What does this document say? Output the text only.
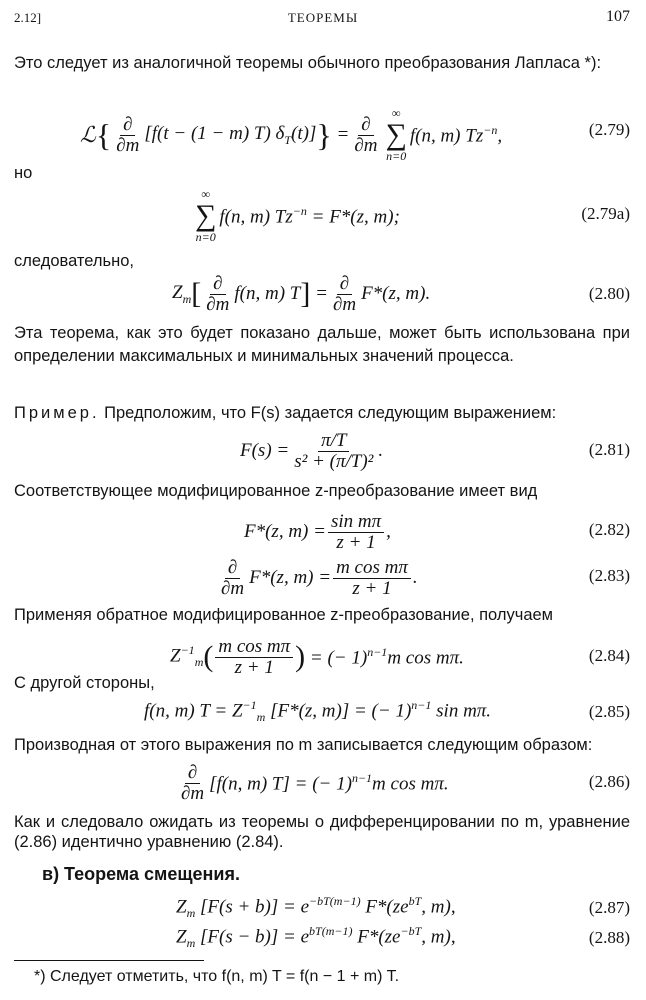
2.12]	ТЕОРЕМЫ	107
Это следует из аналогичной теоремы обычного преобразования Лапласа *):
ℒ { $\frac{\partial}{\partial m} [f(t - (1 - m)$ T) $\delta_T(t)$] } = $\frac{\partial}{\partial m}$
∞
∑
n=0
f(n, m) $Tz^{-n}$,	(2.79)
но
∞
∑
n=0
f(n, m) $Tz^{-n} = F*(z$, m);	(2.79a)
следовательно,
$Z_m$ [ $\frac{\partial}{\partial m} f(n$, m) T ] = $\frac{\partial}{\partial m} F*(z$, m).	(2.80)
Эта теорема, как это будет показано дальше, может быть использована при определении максимальных и минимальных значений процесса.
Пример. Предположим, что F(s) задается следующим выражением:
$F(s) = \frac{\pi/T}{\text{s² + (π/T)²}}$ .	(2.81)
Соответствующее модифицированное z-преобразование имеет вид
F*(z, $m) = \frac{\text{sin mπ}}{z + 1}$ ,	(2.82)
$\frac{\partial}{\partial m} F*(z$, $m) = \frac{\text{m cos mπ}}{z + 1}$ .	(2.83)
Применяя обратное модифицированное z-преобразование, получаем
$Z^{-1}_m$ ( $\frac{\text{m cos mπ}}{z + 1}$ ) = (− 1)$^{n-1}$m cos mπ.	(2.84)
С другой стороны,
f(n, m) $T = Z^{-1}_m$ [F*(z, m)] = (− 1)$^{n-1}$ sin mπ.	(2.85)
Производная от этого выражения по m записывается следующим образом:
$\frac{\partial}{\partial m} [f(n$, m) T] = (− 1)$^{n-1}$m cos mπ.	(2.86)
Как и следовало ожидать из теоремы о дифференцировании по m, уравнение (2.86) идентично уравнению (2.84).
в) Теорема смещения.
$Z_m$ $[F(s + b)] = e^{-bT(m-1)}$ $F*(ze^{bT}$, m),	(2.87)
$Z_m$ $[F(s - b)] = e^{bT(m-1)}$ $F*(ze^{-bT}$, m),	(2.88)
*) Следует отметить, что f(n, m) T = f(n − 1 + m) T.
